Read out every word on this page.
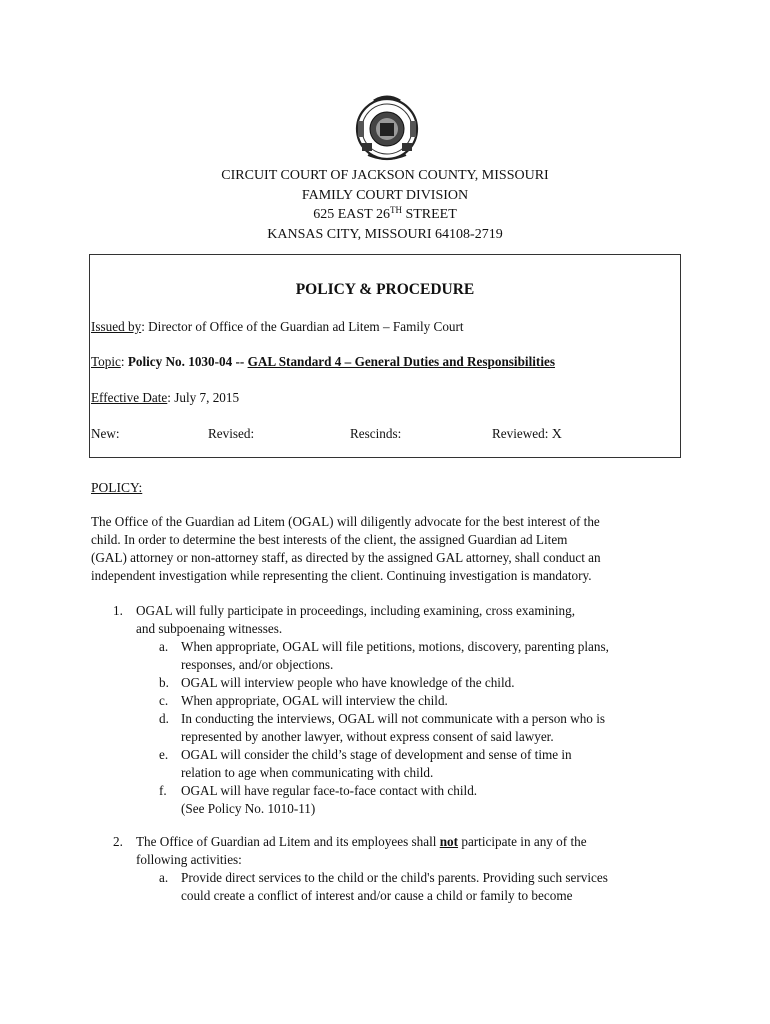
CIRCUIT COURT OF JACKSON COUNTY, MISSOURI
FAMILY COURT DIVISION
625 EAST 26TH STREET
KANSAS CITY, MISSOURI 64108-2719
POLICY & PROCEDURE
Issued by: Director of Office of the Guardian ad Litem – Family Court
Topic: Policy No. 1030-04 -- GAL Standard 4 – General Duties and Responsibilities
Effective Date: July 7, 2015
New:	Revised:	Rescinds:	Reviewed: X
POLICY:
The Office of the Guardian ad Litem (OGAL) will diligently advocate for the best interest of the
child. In order to determine the best interests of the client, the assigned Guardian ad Litem
(GAL) attorney or non-attorney staff, as directed by the assigned GAL attorney, shall conduct an
independent investigation while representing the client. Continuing investigation is mandatory.
1. OGAL will fully participate in proceedings, including examining, cross examining,
and subpoenaing witnesses.
a. When appropriate, OGAL will file petitions, motions, discovery, parenting plans,
responses, and/or objections.
b. OGAL will interview people who have knowledge of the child.
c. When appropriate, OGAL will interview the child.
d. In conducting the interviews, OGAL will not communicate with a person who is
represented by another lawyer, without express consent of said lawyer.
e. OGAL will consider the child’s stage of development and sense of time in
relation to age when communicating with child.
f. OGAL will have regular face-to-face contact with child.
(See Policy No. 1010-11)
2. The Office of Guardian ad Litem and its employees shall not participate in any of the
following activities:
a. Provide direct services to the child or the child's parents. Providing such services
could create a conflict of interest and/or cause a child or family to become
